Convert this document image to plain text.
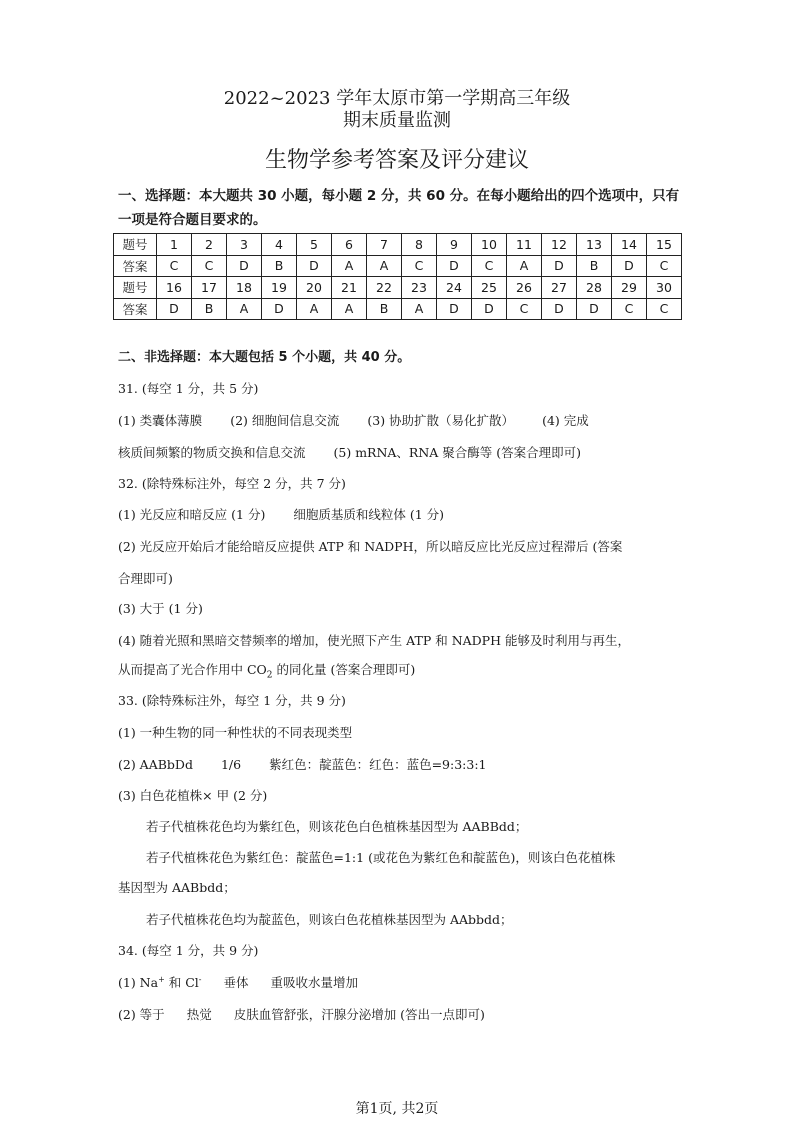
2022~2023 学年太原市第一学期高三年级
期末质量监测
生物学参考答案及评分建议
一、选择题：本大题共 30 小题，每小题 2 分，共 60 分。在每小题给出的四个选项中，只有一项是符合题目要求的。
题号	1	2	3	4	5	6	7	8	9	10	11	12	13	14	15
答案	C	C	D	B	D	A	A	C	D	C	A	D	B	D	C
题号	16	17	18	19	20	21	22	23	24	25	26	27	28	29	30
答案	D	B	A	D	A	A	B	A	D	D	C	D	D	C	C
二、非选择题：本大题包括 5 个小题，共 40 分。
31. (每空 1 分，共 5 分)
(1) 类囊体薄膜 (2) 细胞间信息交流 (3) 协助扩散（易化扩散） (4) 完成
核质间频繁的物质交换和信息交流 (5) mRNA、RNA 聚合酶等 (答案合理即可)
32. (除特殊标注外，每空 2 分，共 7 分)
(1) 光反应和暗反应 (1 分) 细胞质基质和线粒体 (1 分)
(2) 光反应开始后才能给暗反应提供 ATP 和 NADPH，所以暗反应比光反应过程滞后 (答案
合理即可)
(3) 大于 (1 分)
(4) 随着光照和黑暗交替频率的增加，使光照下产生 ATP 和 NADPH 能够及时利用与再生，
从而提高了光合作用中 $CO_2$ 的同化量 (答案合理即可)
33. (除特殊标注外，每空 1 分，共 9 分)
(1) 一种生物的同一种性状的不同表现类型
(2) AABbDd 1/6 紫红色：靛蓝色：红色：蓝色=9:3:3:1
(3) 白色花植株× 甲 (2 分)
若子代植株花色均为紫红色，则该花色白色植株基因型为 AABBdd；
若子代植株花色为紫红色：靛蓝色=1:1 (或花色为紫红色和靛蓝色)，则该白色花植株
基因型为 AABbdd；
若子代植株花色均为靛蓝色，则该白色花植株基因型为 AAbbdd；
34. (每空 1 分，共 9 分)
(1) Na+ 和 Cl- 垂体 重吸收水量增加
(2) 等于 热觉 皮肤血管舒张，汗腺分泌增加 (答出一点即可)
第1页, 共2页
